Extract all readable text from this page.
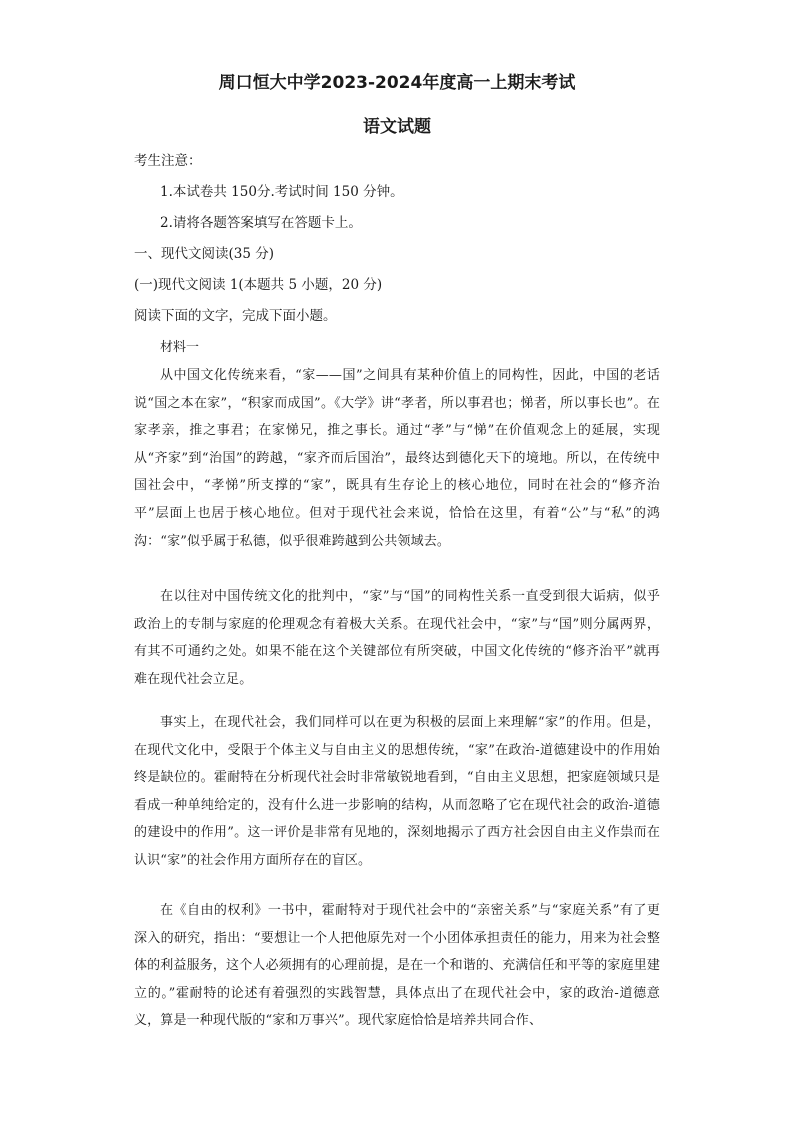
周口恒大中学2023-2024年度高一上期末考试
语文试题
考生注意：
1.本试卷共 150分.考试时间 150 分钟。
2.请将各题答案填写在答题卡上。
一、现代文阅读(35 分)
(一)现代文阅读 1(本题共 5 小题，20 分)
阅读下面的文字，完成下面小题。
材料一
从中国文化传统来看，“家——国”之间具有某种价值上的同构性，因此，中国的老话说“国之本在家”，“积家而成国”。《大学》讲“孝者，所以事君也；悌者，所以事长也”。在家孝亲，推之事君；在家悌兄，推之事长。通过“孝”与“悌”在价值观念上的延展，实现从“齐家”到“治国”的跨越，“家齐而后国治”，最终达到德化天下的境地。所以，在传统中国社会中，“孝悌”所支撑的“家”，既具有生存论上的核心地位，同时在社会的“修齐治平”层面上也居于核心地位。但对于现代社会来说，恰恰在这里，有着“公”与“私”的鸿沟：“家”似乎属于私德，似乎很难跨越到公共领域去。
在以往对中国传统文化的批判中，“家”与“国”的同构性关系一直受到很大诟病，似乎政治上的专制与家庭的伦理观念有着极大关系。在现代社会中，“家”与“国”则分属两界，有其不可通约之处。如果不能在这个关键部位有所突破，中国文化传统的“修齐治平”就再难在现代社会立足。
事实上，在现代社会，我们同样可以在更为积极的层面上来理解“家”的作用。但是，在现代文化中，受限于个体主义与自由主义的思想传统，“家”在政治-道德建设中的作用始终是缺位的。霍耐特在分析现代社会时非常敏锐地看到，“自由主义思想，把家庭领域只是看成一种单纯给定的，没有什么进一步影响的结构，从而忽略了它在现代社会的政治-道德的建设中的作用”。这一评价是非常有见地的，深刻地揭示了西方社会因自由主义作祟而在认识“家”的社会作用方面所存在的盲区。
在《自由的权利》一书中，霍耐特对于现代社会中的“亲密关系”与“家庭关系”有了更深入的研究，指出：“要想让一个人把他原先对一个小团体承担责任的能力，用来为社会整体的利益服务，这个人必须拥有的心理前提，是在一个和谐的、充满信任和平等的家庭里建立的。”霍耐特的论述有着强烈的实践智慧，具体点出了在现代社会中，家的政治-道德意义，算是一种现代版的“家和万事兴”。现代家庭恰恰是培养共同合作、
